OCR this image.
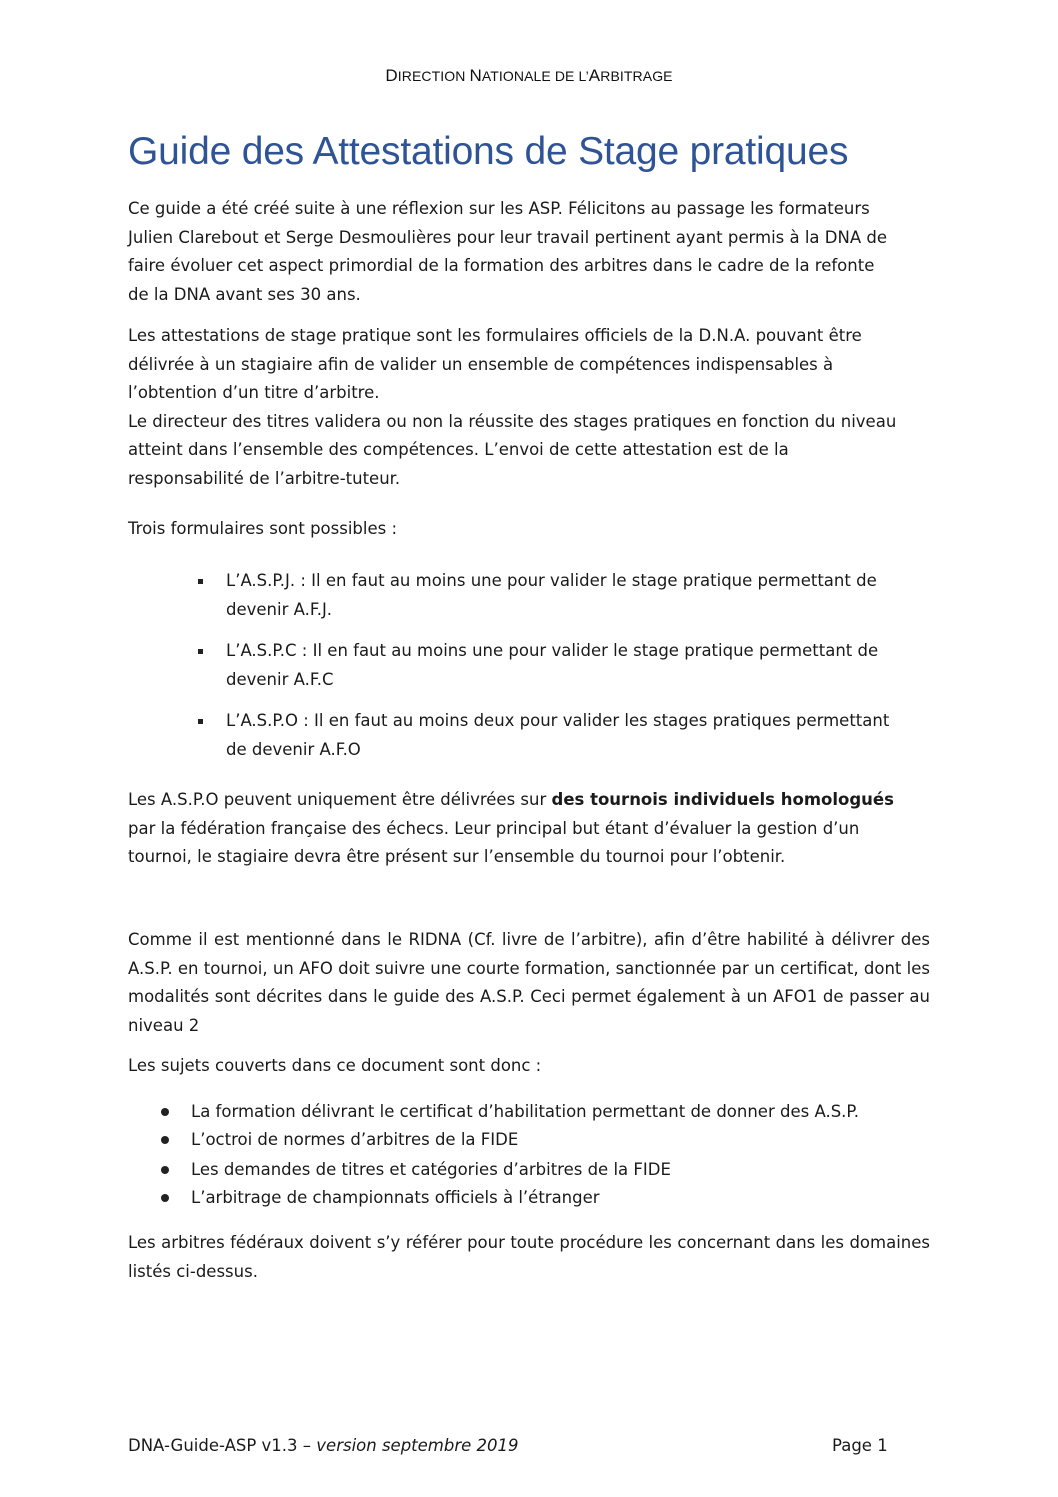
DIRECTION NATIONALE DE L’ARBITRAGE
Guide des Attestations de Stage pratiques

Ce guide a été créé suite à une réflexion sur les ASP. Félicitons au passage les formateurs
Julien Clarebout et Serge Desmoulières pour leur travail pertinent ayant permis à la DNA de
faire évoluer cet aspect primordial de la formation des arbitres dans le cadre de la refonte
de la DNA avant ses 30 ans.

Les attestations de stage pratique sont les formulaires officiels de la D.N.A. pouvant être
délivrée à un stagiaire afin de valider un ensemble de compétences indispensables à
l’obtention d’un titre d’arbitre.
Le directeur des titres validera ou non la réussite des stages pratiques en fonction du niveau
atteint dans l’ensemble des compétences. L’envoi de cette attestation est de la
responsabilité de l’arbitre-tuteur.

Trois formulaires sont possibles :

L’A.S.P.J. : Il en faut au moins une pour valider le stage pratique permettant de
devenir A.F.J.
L’A.S.P.C : Il en faut au moins une pour valider le stage pratique permettant de
devenir A.F.C
L’A.S.P.O : Il en faut au moins deux pour valider les stages pratiques permettant
de devenir A.F.O

Les A.S.P.O peuvent uniquement être délivrées sur des tournois individuels homologués
par la fédération française des échecs. Leur principal but étant d’évaluer la gestion d’un
tournoi, le stagiaire devra être présent sur l’ensemble du tournoi pour l’obtenir.

Comme il est mentionné dans le RIDNA (Cf. livre de l’arbitre), afin d’être habilité à délivrer des A.S.P. en tournoi, un AFO doit suivre une courte formation, sanctionnée par un certificat, dont les modalités sont décrites dans le guide des A.S.P. Ceci permet également à un AFO1 de passer au niveau 2

Les sujets couverts dans ce document sont donc :

La formation délivrant le certificat d’habilitation permettant de donner des A.S.P.
L’octroi de normes d’arbitres de la FIDE
Les demandes de titres et catégories d’arbitres de la FIDE
L’arbitrage de championnats officiels à l’étranger

Les arbitres fédéraux doivent s’y référer pour toute procédure les concernant dans les domaines listés ci-dessus.

DNA-Guide-ASP v1.3 – version septembre 2019	Page 1
